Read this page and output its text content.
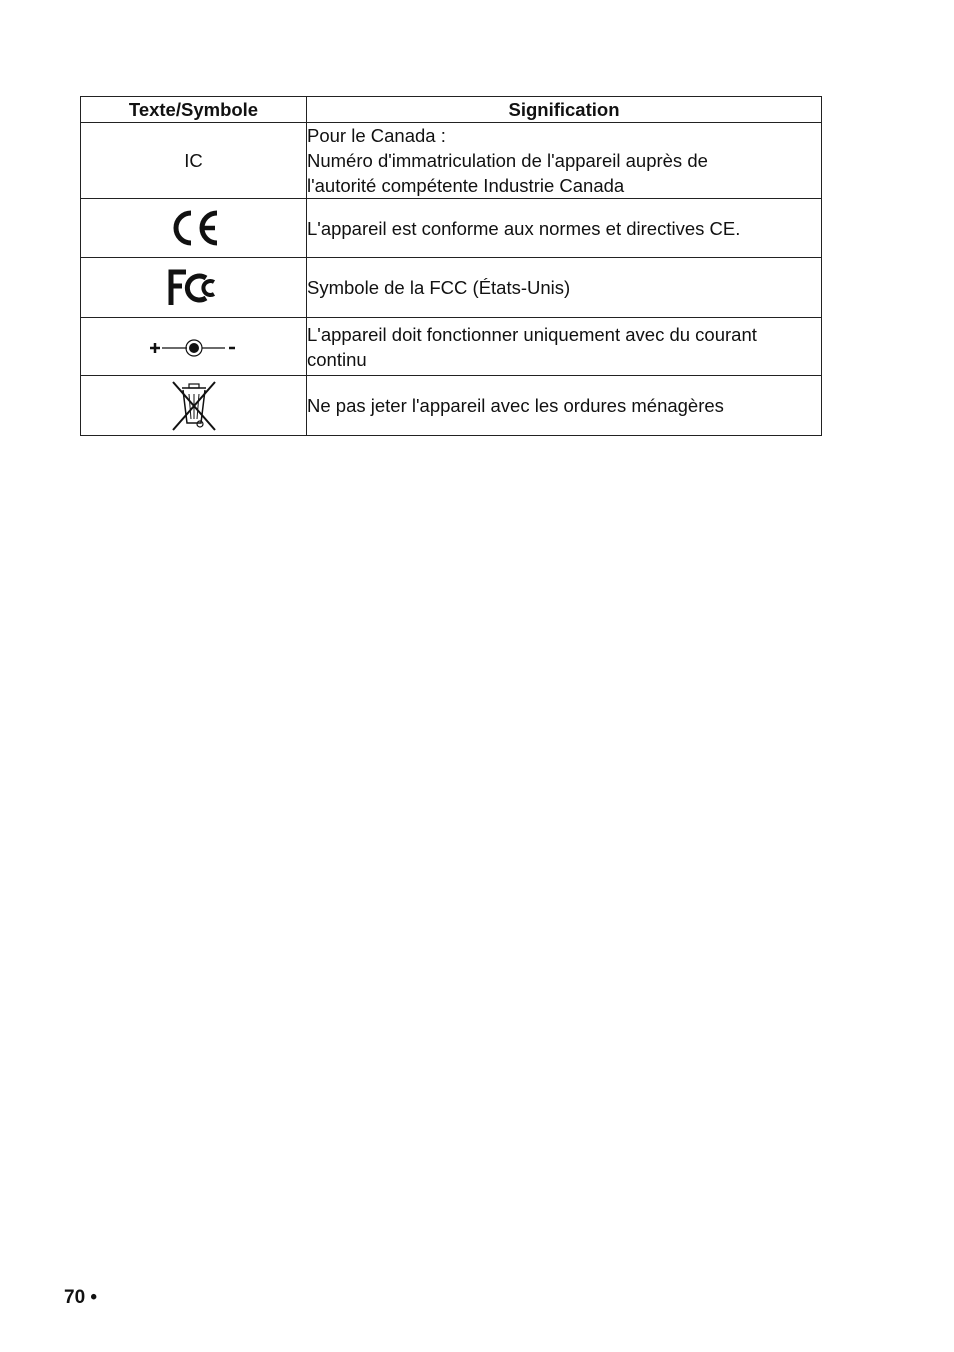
Texte/Symbole	Signification
IC	Pour le Canada :
Numéro d'immatriculation de l'appareil auprès de
l'autorité compétente Industrie Canada

	L'appareil est conforme aux normes et directives CE.
	Symbole de la FCC (États-Unis)
	L'appareil doit fonctionner uniquement avec du courant continu
	Ne pas jeter l'appareil avec les ordures ménagères
70 •
